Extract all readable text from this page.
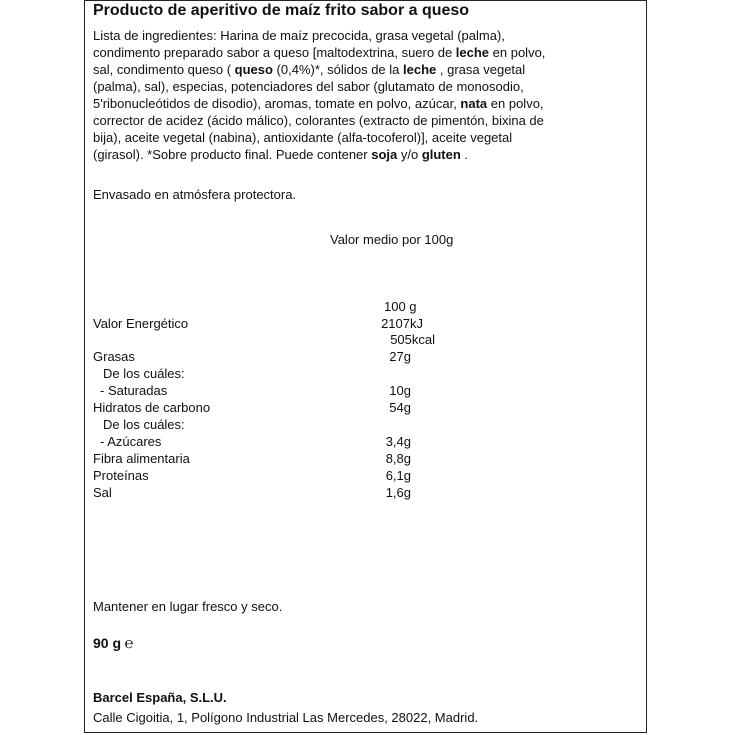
Producto de aperitivo de maíz frito sabor a queso

Lista de ingredientes: Harina de maíz precocida, grasa vegetal (palma),

condimento preparado sabor a queso [maltodextrina, suero de leche en polvo,

sal, condimento queso ( queso (0,4%)*, sólidos de la leche , grasa vegetal

(palma), sal), especias, potenciadores del sabor (glutamato de monosodio,

5'ribonucleótidos de disodio), aromas, tomate en polvo, azúcar, nata en polvo,

corrector de acidez (ácido málico), colorantes (extracto de pimentón, bixina de

bija), aceite vegetal (nabina), antioxidante (alfa-tocoferol)], aceite vegetal

(girasol). *Sobre producto final. Puede contener soja y/o gluten .

Envasado en atmósfera protectora.
Valor medio por 100g
100 g
Valor Energético	2107kJ
505kcal
Grasas	27g
De los cuáles:
- Saturadas	10g
Hidratos de carbono	54g
De los cuáles:
- Azúcares	3,4g
Fibra alimentaria	8,8g
Proteínas	6,1g
Sal	1,6g
Mantener en lugar fresco y seco.
90 g ℮
Barcel España, S.L.U.
Calle Cigoitia, 1, Polígono Industrial Las Mercedes, 28022, Madrid.
